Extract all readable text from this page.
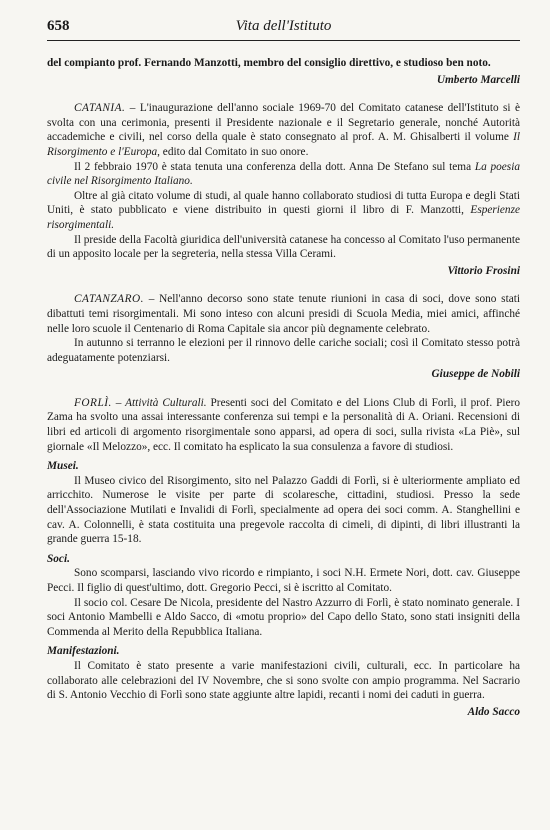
658	Vita dell'Istituto

del compianto prof. Fernando Manzotti, membro del consiglio direttivo, e studioso ben noto.

Umberto Marcelli

CATANIA. – L'inaugurazione dell'anno sociale 1969-70 del Comitato catanese dell'Istituto si è svolta con una cerimonia, presenti il Presidente nazionale e il Segretario generale, nonché Autorità accademiche e civili, nel corso della quale è stato consegnato al prof. A. M. Ghisalberti il volume Il Risorgimento e l'Europa, edito dal Comitato in suo onore.

Il 2 febbraio 1970 è stata tenuta una conferenza della dott. Anna De Stefano sul tema La poesia civile nel Risorgimento Italiano.

Oltre al già citato volume di studi, al quale hanno collaborato studiosi di tutta Europa e degli Stati Uniti, è stato pubblicato e viene distribuito in questi giorni il libro di F. Manzotti, Esperienze risorgimentali.

Il preside della Facoltà giuridica dell'università catanese ha concesso al Comitato l'uso permanente di un apposito locale per la segreteria, nella stessa Villa Cerami.

Vittorio Frosini

CATANZARO. – Nell'anno decorso sono state tenute riunioni in casa di soci, dove sono stati dibattuti temi risorgimentali. Mi sono inteso con alcuni presidi di Scuola Media, miei amici, affinché nelle loro scuole il Centenario di Roma Capitale sia ancor più degnamente celebrato.

In autunno si terranno le elezioni per il rinnovo delle cariche sociali; così il Comitato stesso potrà adeguatamente potenziarsi.

Giuseppe de Nobili

FORLÌ. – Attività Culturali. Presenti soci del Comitato e del Lions Club di Forlì, il prof. Piero Zama ha svolto una assai interessante conferenza sui tempi e la personalità di A. Oriani. Recensioni di libri ed articoli di argomento risorgimentale sono apparsi, ad opera di soci, sulla rivista «La Piè», sul giornale «Il Melozzo», ecc. Il comitato ha esplicato la sua consulenza a favore di studiosi.

Musei.

Il Museo civico del Risorgimento, sito nel Palazzo Gaddi di Forlì, si è ulteriormente ampliato ed arricchito. Numerose le visite per parte di scolaresche, cittadini, studiosi. Presso la sede dell'Associazione Mutilati e Invalidi di Forlì, specialmente ad opera dei soci comm. A. Stanghellini e cav. A. Colonnelli, è stata costituita una pregevole raccolta di cimeli, di dipinti, di libri illustranti la grande guerra 15-18.

Soci.

Sono scomparsi, lasciando vivo ricordo e rimpianto, i soci N.H. Ermete Nori, dott. cav. Giuseppe Pecci. Il figlio di quest'ultimo, dott. Gregorio Pecci, si è iscritto al Comitato.

Il socio col. Cesare De Nicola, presidente del Nastro Azzurro di Forlì, è stato nominato generale. I soci Antonio Mambelli e Aldo Sacco, di «motu proprio» del Capo dello Stato, sono stati insigniti della Commenda al Merito della Repubblica Italiana.

Manifestazioni.

Il Comitato è stato presente a varie manifestazioni civili, culturali, ecc. In particolare ha collaborato alle celebrazioni del IV Novembre, che si sono svolte con ampio programma. Nel Sacrario di S. Antonio Vecchio di Forlì sono state aggiunte altre lapidi, recanti i nomi dei caduti in guerra.

Aldo Sacco
